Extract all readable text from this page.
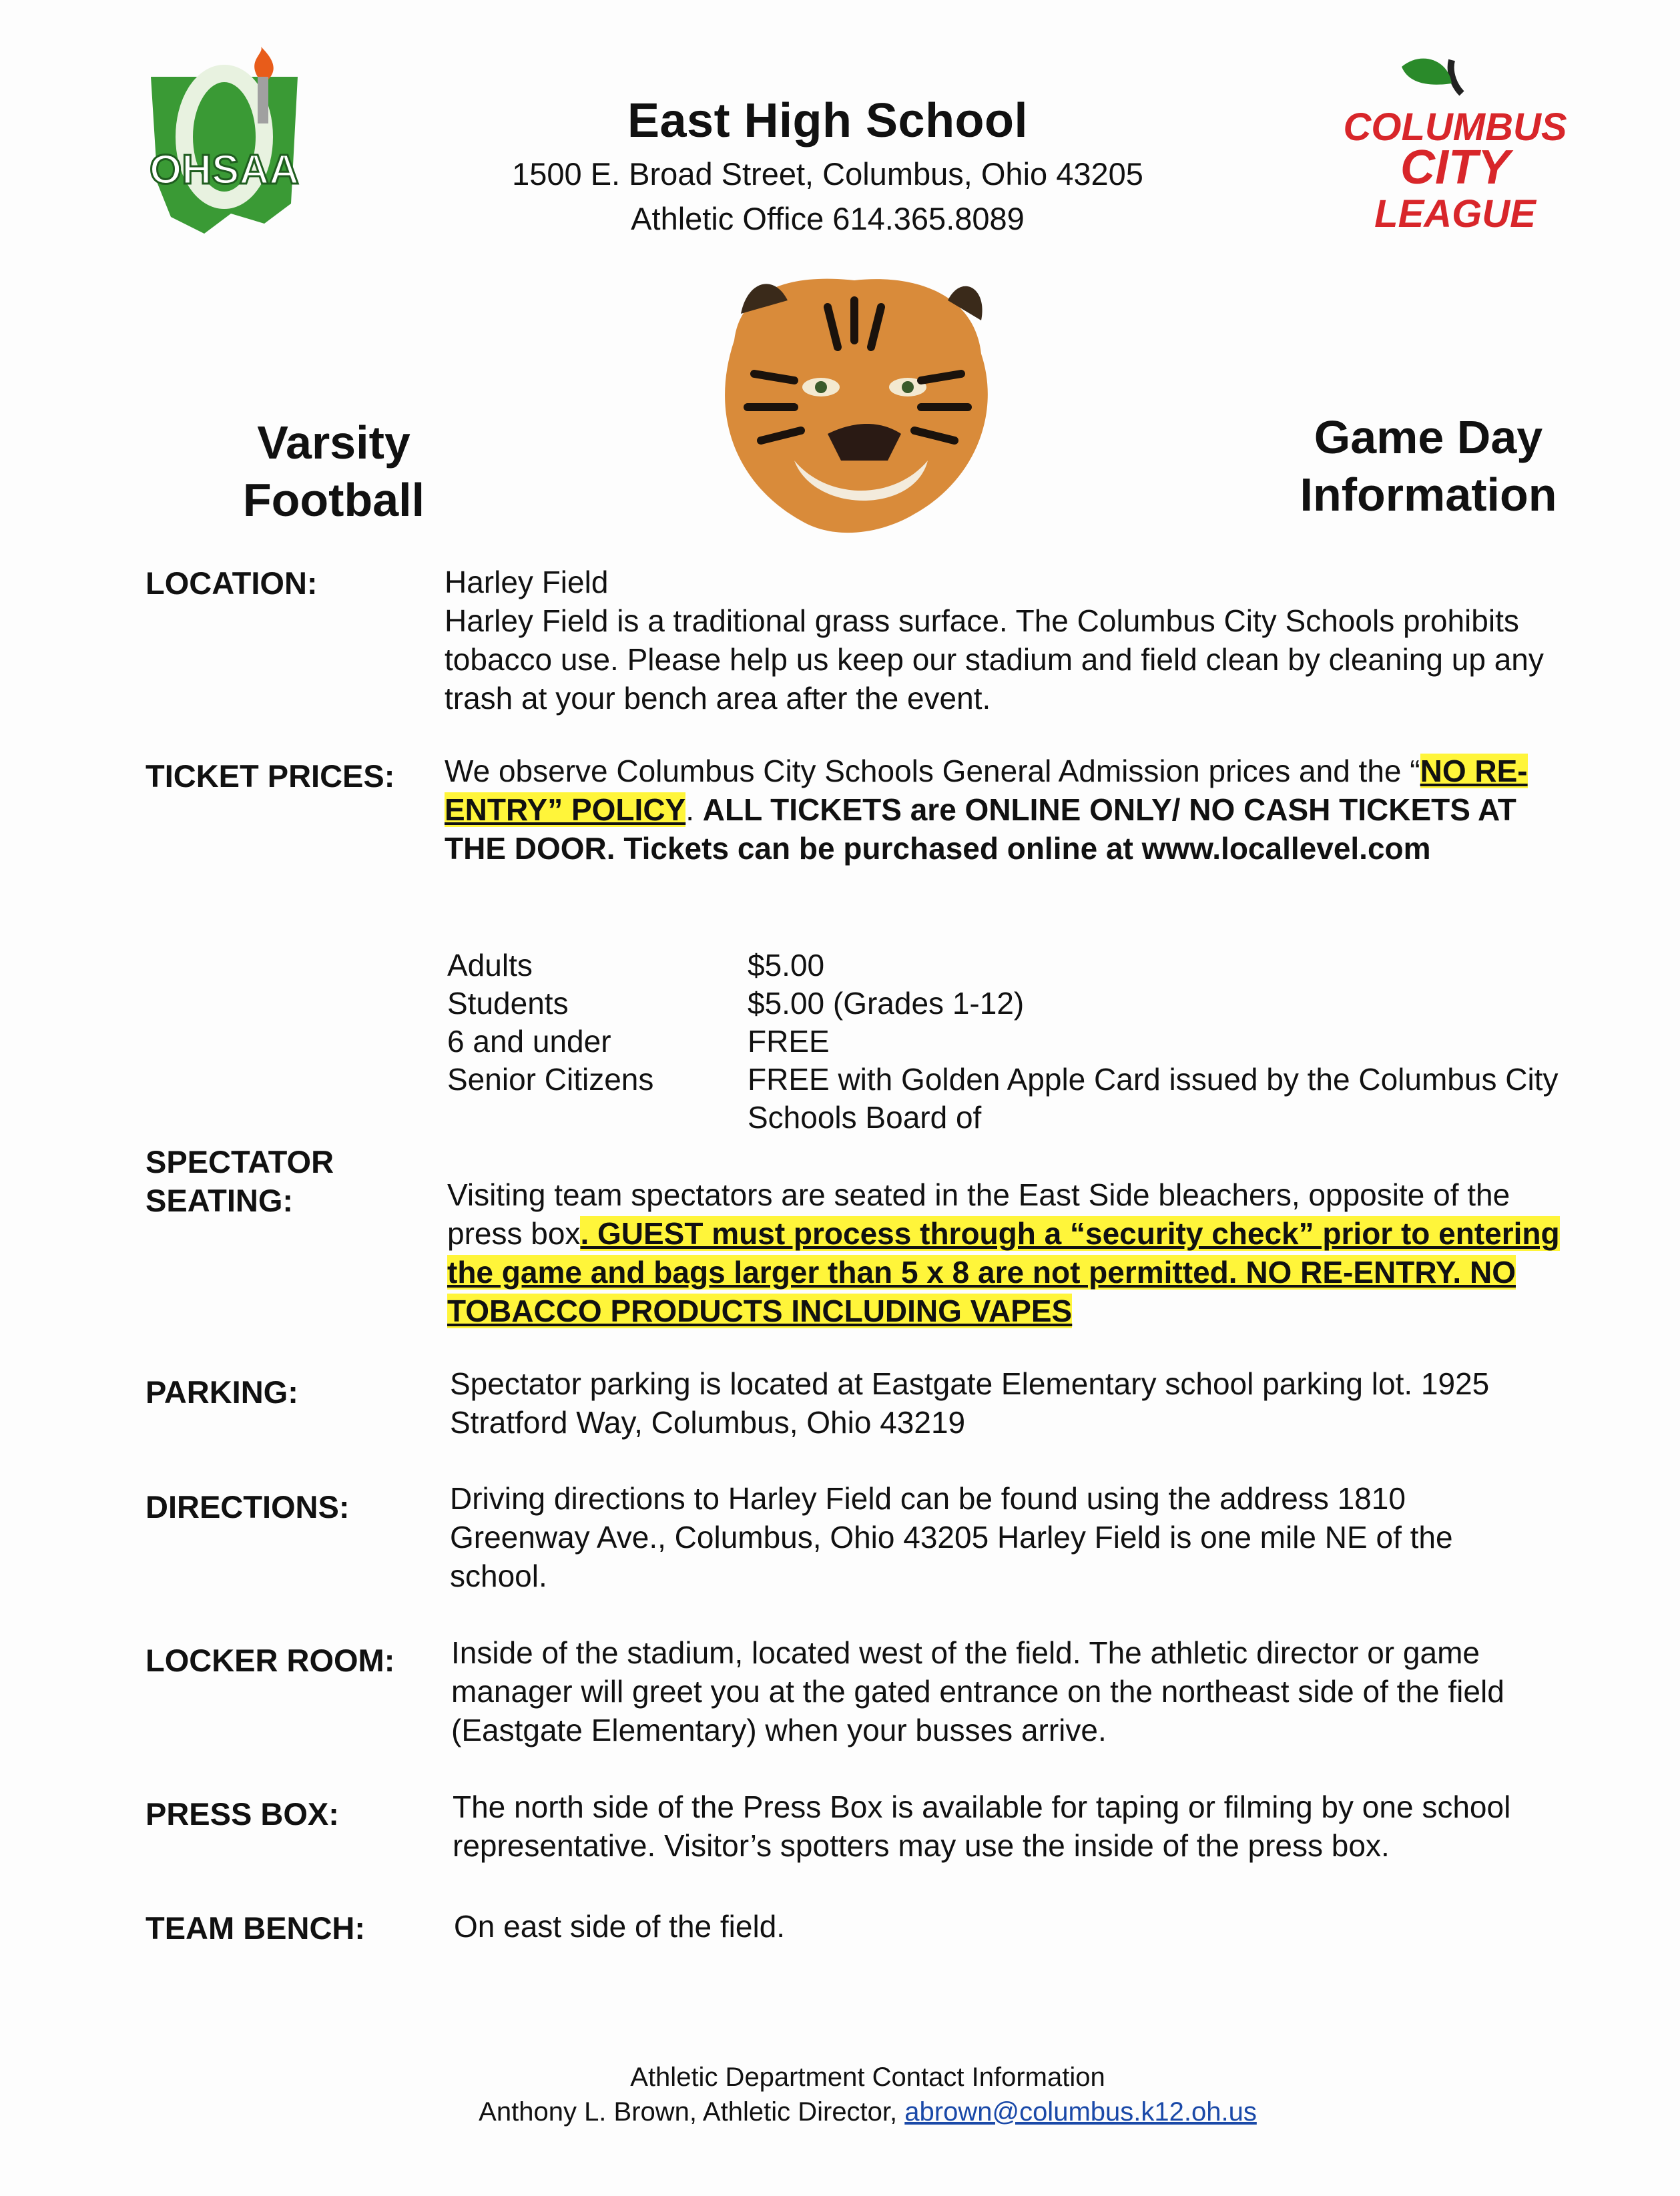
OHSAA
East High School
1500 E. Broad Street, Columbus, Ohio 43205
Athletic Office 614.365.8089
COLUMBUS
CITY
LEAGUE
Varsity Football
Game Day Information
LOCATION:	Harley Field

Harley Field is a traditional grass surface. The Columbus City Schools prohibits tobacco use. Please help us keep our stadium and field clean by cleaning up any trash at your bench area after the event.

TICKET PRICES: We observe Columbus City Schools General Admission prices and the “NO RE-ENTRY” POLICY. ALL TICKETS are ONLINE ONLY/ NO CASH TICKETS AT THE DOOR. Tickets can be purchased online at www.locallevel.com

Adults	$5.00
Students	$5.00 (Grades 1-12)
6 and under	FREE
Senior Citizens	FREE with Golden Apple Card issued by the Columbus City Schools Board of
SPECTATOR
SEATING:	Visiting team spectators are seated in the East Side bleachers, opposite of the press box. GUEST must process through a “security check” prior to entering the game and bags larger than 5 x 8 are not permitted. NO RE-ENTRY. NO TOBACCO PRODUCTS INCLUDING VAPES

PARKING:	Spectator parking is located at Eastgate Elementary school parking lot. 1925 Stratford Way, Columbus, Ohio 43219
DIRECTIONS:	Driving directions to Harley Field can be found using the address 1810 Greenway Ave., Columbus, Ohio 43205 Harley Field is one mile NE of the school.
LOCKER ROOM: Inside of the stadium, located west of the field. The athletic director or game manager will greet you at the gated entrance on the northeast side of the field (Eastgate Elementary) when your busses arrive.
PRESS BOX:	The north side of the Press Box is available for taping or filming by one school representative. Visitor’s spotters may use the inside of the press box.
TEAM BENCH:	On east side of the field.
Athletic Department Contact Information
Anthony L. Brown, Athletic Director, abrown@columbus.k12.oh.us
